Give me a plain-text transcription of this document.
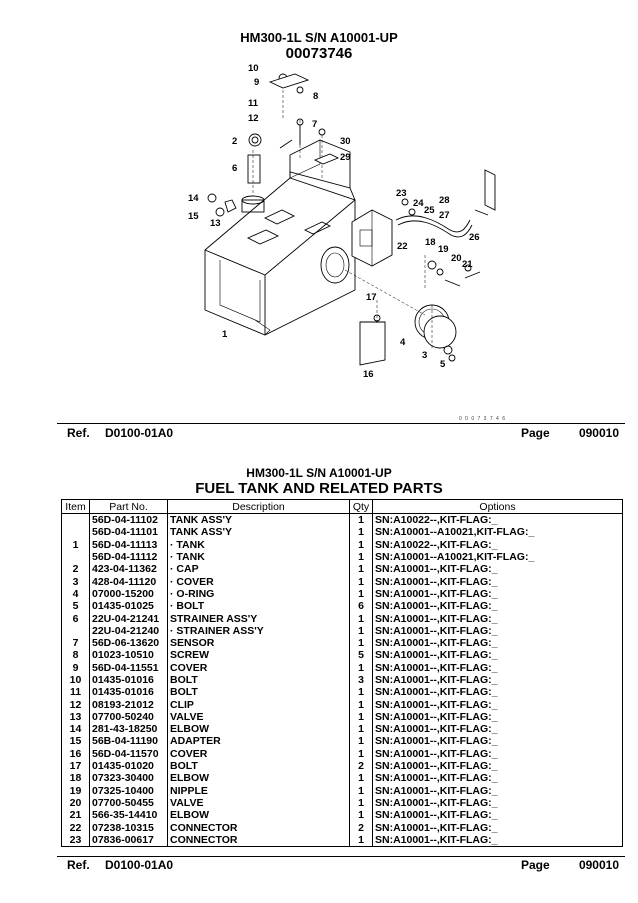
HM300-1L S/N A10001-UP
00073746
10
9
8
11
12
7
2	30
29
6
14
15
13
23
24
25
28
27
26
22 18
19
20
21
17
1
4
3
5
16
0 0 0 7 3 7 4 6
Ref.	D0100-01A0	Page	090010
HM300-1L S/N A10001-UP
FUEL TANK AND RELATED PARTS
Item	Part No.	Description	Qty	Options
	56D-04-11102	TANK ASS'Y	1	SN:A10022--,KIT-FLAG:_
	56D-04-11101	TANK ASS'Y	1	SN:A10001--A10021,KIT-FLAG:_
1	56D-04-11113	· TANK	1	SN:A10022--,KIT-FLAG:_
	56D-04-11112	· TANK	1	SN:A10001--A10021,KIT-FLAG:_
2	423-04-11362	· CAP	1	SN:A10001--,KIT-FLAG:_
3	428-04-11120	· COVER	1	SN:A10001--,KIT-FLAG:_
4	07000-15200	· O-RING	1	SN:A10001--,KIT-FLAG:_
5	01435-01025	· BOLT	6	SN:A10001--,KIT-FLAG:_
6	22U-04-21241	STRAINER ASS'Y	1	SN:A10001--,KIT-FLAG:_
	22U-04-21240	· STRAINER ASS'Y	1	SN:A10001--,KIT-FLAG:_
7	56D-06-13620	SENSOR	1	SN:A10001--,KIT-FLAG:_
8	01023-10510	SCREW	5	SN:A10001--,KIT-FLAG:_
9	56D-04-11551	COVER	1	SN:A10001--,KIT-FLAG:_
10	01435-01016	BOLT	3	SN:A10001--,KIT-FLAG:_
11	01435-01016	BOLT	1	SN:A10001--,KIT-FLAG:_
12	08193-21012	CLIP	1	SN:A10001--,KIT-FLAG:_
13	07700-50240	VALVE	1	SN:A10001--,KIT-FLAG:_
14	281-43-18250	ELBOW	1	SN:A10001--,KIT-FLAG:_
15	56B-04-11190	ADAPTER	1	SN:A10001--,KIT-FLAG:_
16	56D-04-11570	COVER	1	SN:A10001--,KIT-FLAG:_
17	01435-01020	BOLT	2	SN:A10001--,KIT-FLAG:_
18	07323-30400	ELBOW	1	SN:A10001--,KIT-FLAG:_
19	07325-10400	NIPPLE	1	SN:A10001--,KIT-FLAG:_
20	07700-50455	VALVE	1	SN:A10001--,KIT-FLAG:_
21	566-35-14410	ELBOW	1	SN:A10001--,KIT-FLAG:_
22	07238-10315	CONNECTOR	2	SN:A10001--,KIT-FLAG:_
23	07836-00617	CONNECTOR	1	SN:A10001--,KIT-FLAG:_
Ref.	D0100-01A0	Page	090010
